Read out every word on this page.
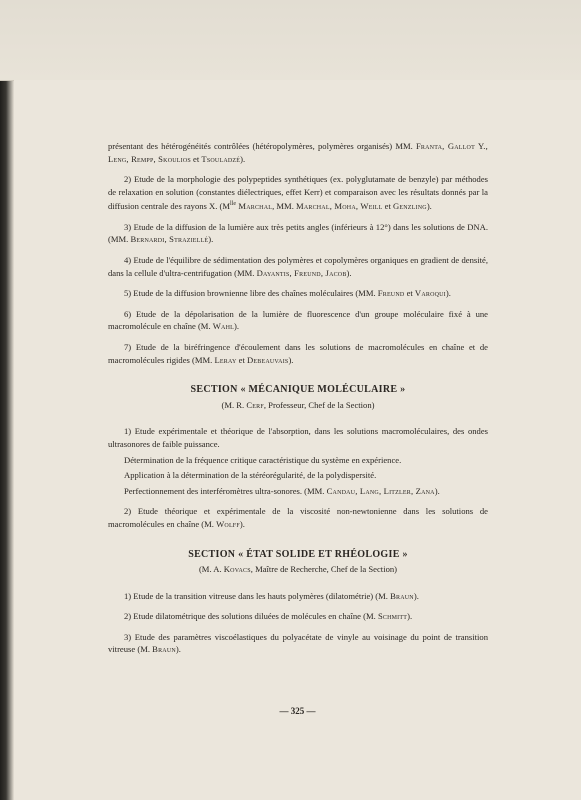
présentant des hétérogénéités contrôlées (hétéropolymères, polymères organisés) MM. Franta, Gallot Y., Leng, Rempp, Skoulios et Tsouladzé).

2) Etude de la morphologie des polypeptides synthétiques (ex. polyglutamate de benzyle) par méthodes de relaxation en solution (constantes diélectriques, effet Kerr) et comparaison avec les résultats donnés par la diffusion centrale des rayons X. ($M^{lle}$ Marchal, MM. Marchal, Moha, Weill et Genzling).

3) Etude de la diffusion de la lumière aux très petits angles (inférieurs à 12°) dans les solutions de DNA. (MM. Bernardi, Straziellé).

4) Etude de l'équilibre de sédimentation des polymères et copolymères organiques en gradient de densité, dans la cellule d'ultra-centrifugation (MM. Dayantis, Freund, Jacob).

5) Etude de la diffusion brownienne libre des chaînes moléculaires (MM. Freund et Varoqui).

6) Etude de la dépolarisation de la lumière de fluorescence d'un groupe moléculaire fixé à une macromolécule en chaîne (M. Wahl).

7) Etude de la biréfringence d'écoulement dans les solutions de macromolécules en chaîne et de macromolécules rigides (MM. Leray et Debeauvais).

SECTION « MÉCANIQUE MOLÉCULAIRE »
(M. R. Cerf, Professeur, Chef de la Section)

1) Etude expérimentale et théorique de l'absorption, dans les solutions macromoléculaires, des ondes ultrasonores de faible puissance.

Détermination de la fréquence critique caractéristique du système en expérience.

Application à la détermination de la stéréorégularité, de la polydispersité.

Perfectionnement des interféromètres ultra-sonores. (MM. Candau, Lang, Litzler, Zana).

2) Etude théorique et expérimentale de la viscosité non-newtonienne dans les solutions de macromolécules en chaîne (M. Wolff).

SECTION « ÉTAT SOLIDE ET RHÉOLOGIE »
(M. A. Kovacs, Maître de Recherche, Chef de la Section)

1) Etude de la transition vitreuse dans les hauts polymères (dilatométrie) (M. Braun).

2) Etude dilatométrique des solutions diluées de molécules en chaîne (M. Schmitt).

3) Etude des paramètres viscoélastiques du polyacétate de vinyle au voisinage du point de transition vitreuse (M. Braun).

— 325 —
